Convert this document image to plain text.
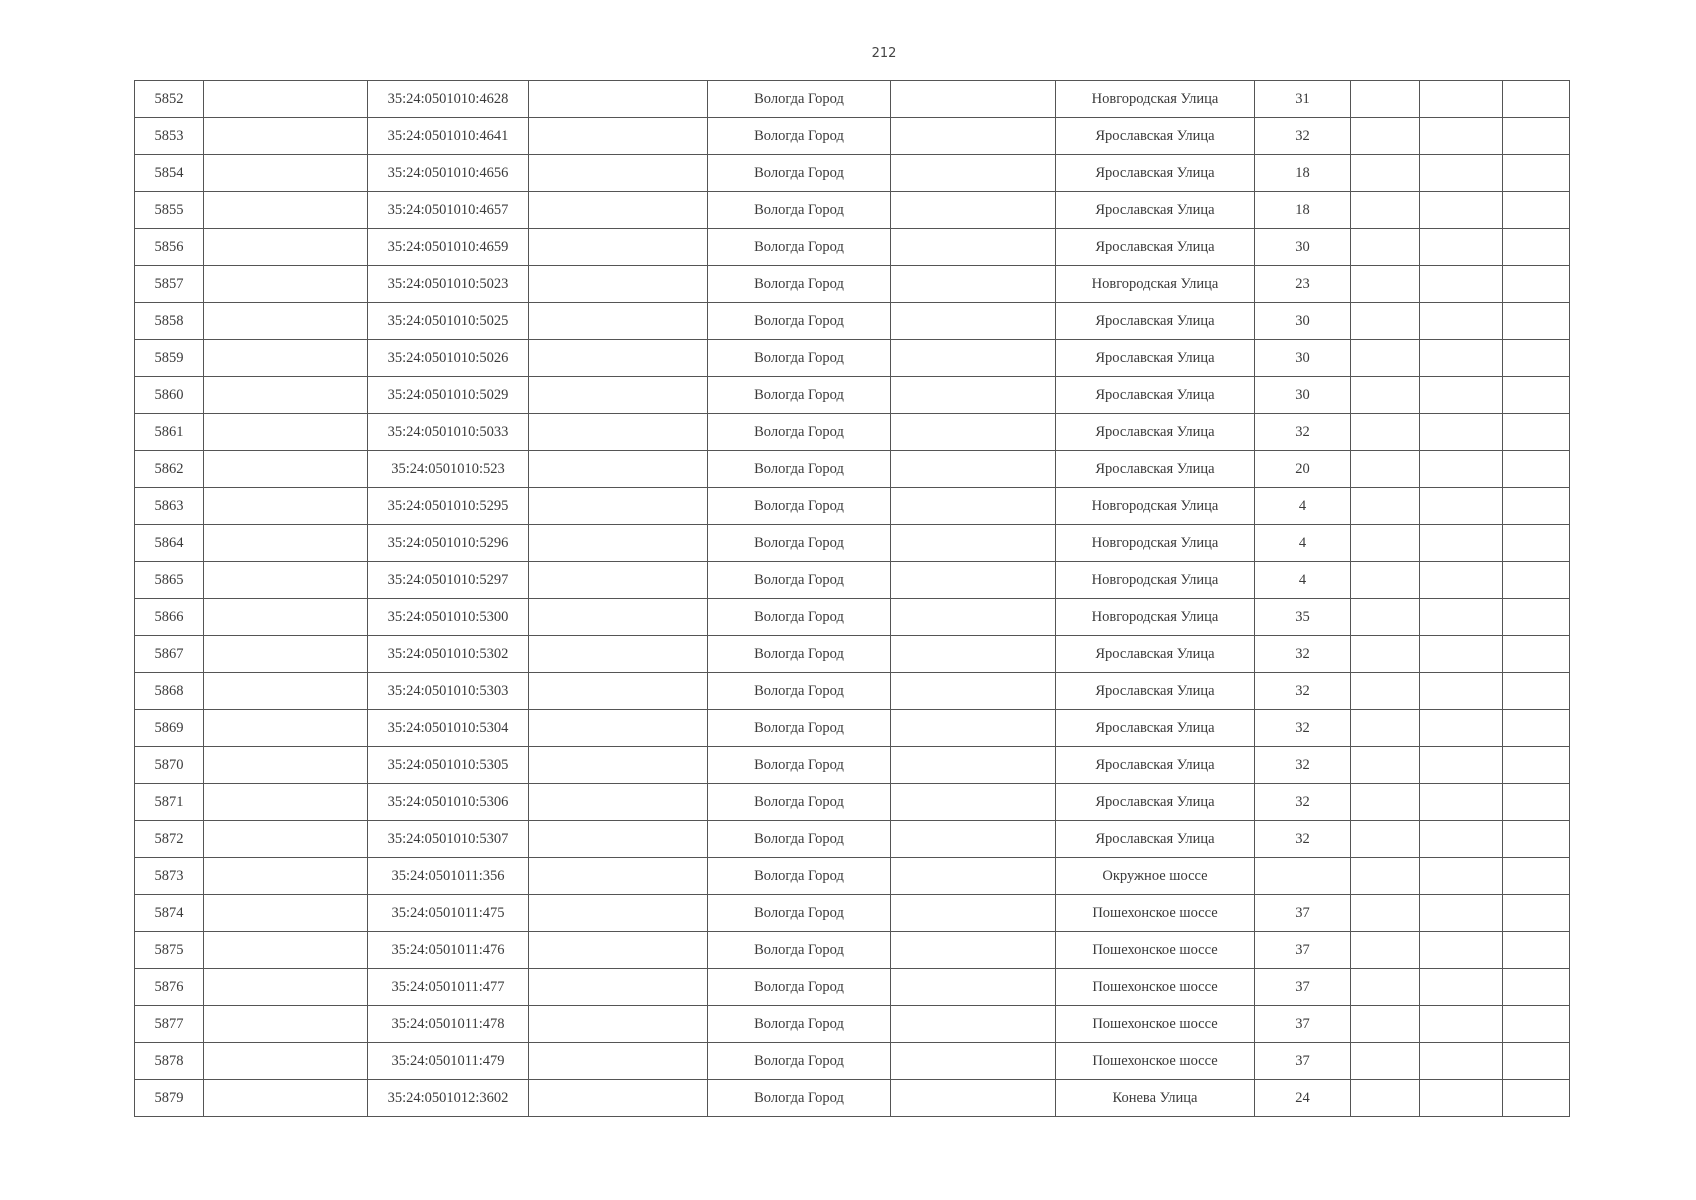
212
5852		35:24:0501010:4628		Вологда Город		Новгородская Улица	31			
5853		35:24:0501010:4641		Вологда Город		Ярославская Улица	32			
5854		35:24:0501010:4656		Вологда Город		Ярославская Улица	18			
5855		35:24:0501010:4657		Вологда Город		Ярославская Улица	18			
5856		35:24:0501010:4659		Вологда Город		Ярославская Улица	30			
5857		35:24:0501010:5023		Вологда Город		Новгородская Улица	23			
5858		35:24:0501010:5025		Вологда Город		Ярославская Улица	30			
5859		35:24:0501010:5026		Вологда Город		Ярославская Улица	30			
5860		35:24:0501010:5029		Вологда Город		Ярославская Улица	30			
5861		35:24:0501010:5033		Вологда Город		Ярославская Улица	32			
5862		35:24:0501010:523		Вологда Город		Ярославская Улица	20			
5863		35:24:0501010:5295		Вологда Город		Новгородская Улица	4			
5864		35:24:0501010:5296		Вологда Город		Новгородская Улица	4			
5865		35:24:0501010:5297		Вологда Город		Новгородская Улица	4			
5866		35:24:0501010:5300		Вологда Город		Новгородская Улица	35			
5867		35:24:0501010:5302		Вологда Город		Ярославская Улица	32			
5868		35:24:0501010:5303		Вологда Город		Ярославская Улица	32			
5869		35:24:0501010:5304		Вологда Город		Ярославская Улица	32			
5870		35:24:0501010:5305		Вологда Город		Ярославская Улица	32			
5871		35:24:0501010:5306		Вологда Город		Ярославская Улица	32			
5872		35:24:0501010:5307		Вологда Город		Ярославская Улица	32			
5873		35:24:0501011:356		Вологда Город		Окружное шоссе				
5874		35:24:0501011:475		Вологда Город		Пошехонское шоссе	37			
5875		35:24:0501011:476		Вологда Город		Пошехонское шоссе	37			
5876		35:24:0501011:477		Вологда Город		Пошехонское шоссе	37			
5877		35:24:0501011:478		Вологда Город		Пошехонское шоссе	37			
5878		35:24:0501011:479		Вологда Город		Пошехонское шоссе	37			
5879		35:24:0501012:3602		Вологда Город		Конева Улица	24			
